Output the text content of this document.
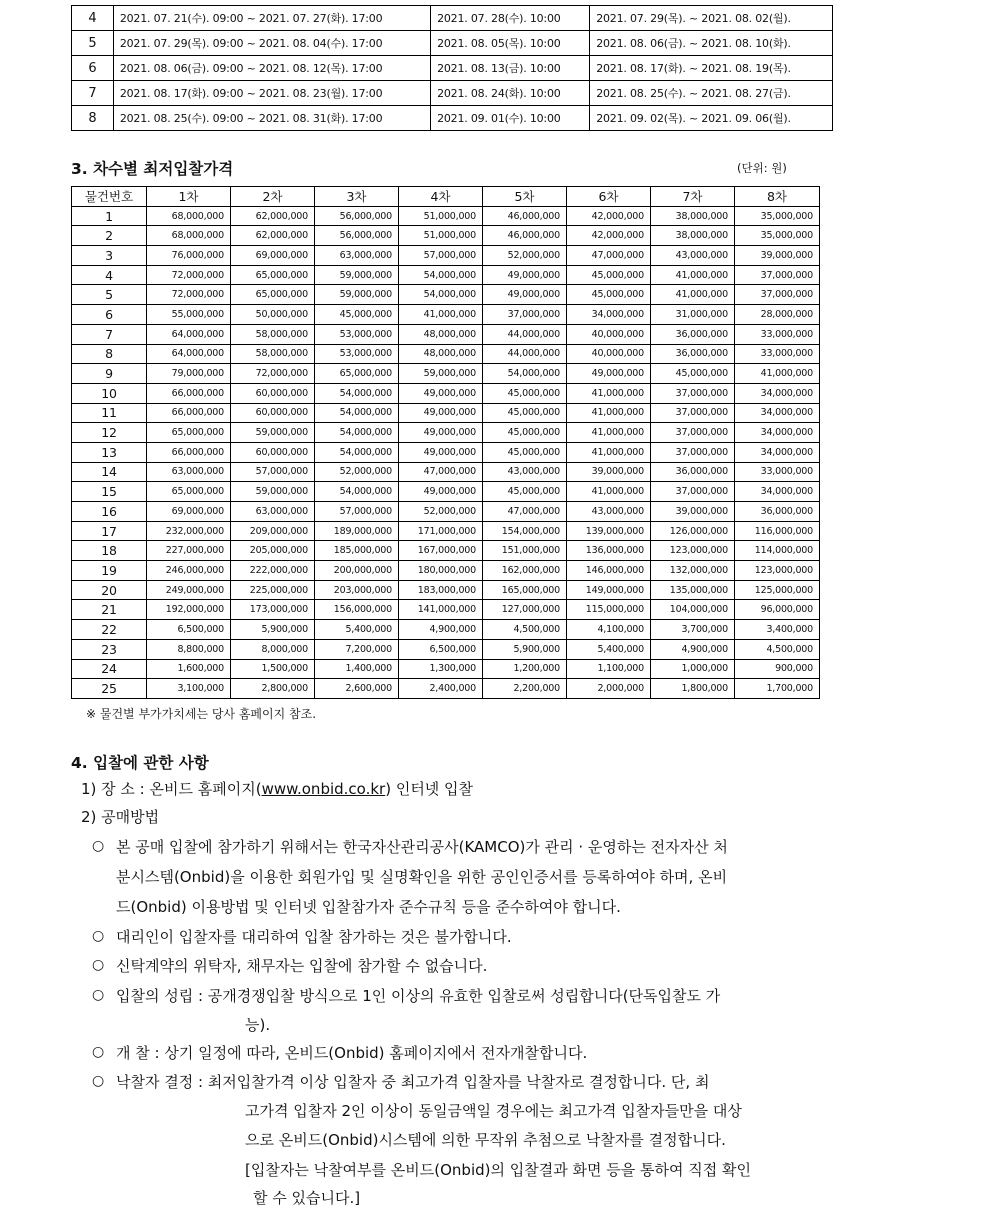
4	2021. 07. 21(수). 09:00 ~ 2021. 07. 27(화). 17:00	2021. 07. 28(수). 10:00	2021. 07. 29(목). ~ 2021. 08. 02(월).
5	2021. 07. 29(목). 09:00 ~ 2021. 08. 04(수). 17:00	2021. 08. 05(목). 10:00	2021. 08. 06(금). ~ 2021. 08. 10(화).
6	2021. 08. 06(금). 09:00 ~ 2021. 08. 12(목). 17:00	2021. 08. 13(금). 10:00	2021. 08. 17(화). ~ 2021. 08. 19(목).
7	2021. 08. 17(화). 09:00 ~ 2021. 08. 23(월). 17:00	2021. 08. 24(화). 10:00	2021. 08. 25(수). ~ 2021. 08. 27(금).
8	2021. 08. 25(수). 09:00 ~ 2021. 08. 31(화). 17:00	2021. 09. 01(수). 10:00	2021. 09. 02(목). ~ 2021. 09. 06(월).
3. 차수별 최저입찰가격	(단위: 원)
물건번호	1차	2차	3차	4차	5차	6차	7차	8차
1	68,000,000	62,000,000	56,000,000	51,000,000	46,000,000	42,000,000	38,000,000	35,000,000
2	68,000,000	62,000,000	56,000,000	51,000,000	46,000,000	42,000,000	38,000,000	35,000,000
3	76,000,000	69,000,000	63,000,000	57,000,000	52,000,000	47,000,000	43,000,000	39,000,000
4	72,000,000	65,000,000	59,000,000	54,000,000	49,000,000	45,000,000	41,000,000	37,000,000
5	72,000,000	65,000,000	59,000,000	54,000,000	49,000,000	45,000,000	41,000,000	37,000,000
6	55,000,000	50,000,000	45,000,000	41,000,000	37,000,000	34,000,000	31,000,000	28,000,000
7	64,000,000	58,000,000	53,000,000	48,000,000	44,000,000	40,000,000	36,000,000	33,000,000
8	64,000,000	58,000,000	53,000,000	48,000,000	44,000,000	40,000,000	36,000,000	33,000,000
9	79,000,000	72,000,000	65,000,000	59,000,000	54,000,000	49,000,000	45,000,000	41,000,000
10	66,000,000	60,000,000	54,000,000	49,000,000	45,000,000	41,000,000	37,000,000	34,000,000
11	66,000,000	60,000,000	54,000,000	49,000,000	45,000,000	41,000,000	37,000,000	34,000,000
12	65,000,000	59,000,000	54,000,000	49,000,000	45,000,000	41,000,000	37,000,000	34,000,000
13	66,000,000	60,000,000	54,000,000	49,000,000	45,000,000	41,000,000	37,000,000	34,000,000
14	63,000,000	57,000,000	52,000,000	47,000,000	43,000,000	39,000,000	36,000,000	33,000,000
15	65,000,000	59,000,000	54,000,000	49,000,000	45,000,000	41,000,000	37,000,000	34,000,000
16	69,000,000	63,000,000	57,000,000	52,000,000	47,000,000	43,000,000	39,000,000	36,000,000
17	232,000,000	209,000,000	189,000,000	171,000,000	154,000,000	139,000,000	126,000,000	116,000,000
18	227,000,000	205,000,000	185,000,000	167,000,000	151,000,000	136,000,000	123,000,000	114,000,000
19	246,000,000	222,000,000	200,000,000	180,000,000	162,000,000	146,000,000	132,000,000	123,000,000
20	249,000,000	225,000,000	203,000,000	183,000,000	165,000,000	149,000,000	135,000,000	125,000,000
21	192,000,000	173,000,000	156,000,000	141,000,000	127,000,000	115,000,000	104,000,000	96,000,000
22	6,500,000	5,900,000	5,400,000	4,900,000	4,500,000	4,100,000	3,700,000	3,400,000
23	8,800,000	8,000,000	7,200,000	6,500,000	5,900,000	5,400,000	4,900,000	4,500,000
24	1,600,000	1,500,000	1,400,000	1,300,000	1,200,000	1,100,000	1,000,000	900,000
25	3,100,000	2,800,000	2,600,000	2,400,000	2,200,000	2,000,000	1,800,000	1,700,000
※ 물건별 부가가치세는 당사 홈페이지 참조.
4. 입찰에 관한 사항
1) 장 소 : 온비드 홈페이지(www.onbid.co.kr) 인터넷 입찰
2) 공매방법
○ 본 공매 입찰에 참가하기 위해서는 한국자산관리공사(KAMCO)가 관리 · 운영하는 전자자산 처
분시스템(Onbid)을 이용한 회원가입 및 실명확인을 위한 공인인증서를 등록하여야 하며, 온비
드(Onbid) 이용방법 및 인터넷 입찰참가자 준수규칙 등을 준수하여야 합니다.
○ 대리인이 입찰자를 대리하여 입찰 참가하는 것은 불가합니다.
○ 신탁계약의 위탁자, 채무자는 입찰에 참가할 수 없습니다.
○ 입찰의 성립 : 공개경쟁입찰 방식으로 1인 이상의 유효한 입찰로써 성립합니다(단독입찰도 가
능).
○ 개 찰 : 상기 일정에 따라, 온비드(Onbid) 홈페이지에서 전자개찰합니다.
○ 낙찰자 결정 : 최저입찰가격 이상 입찰자 중 최고가격 입찰자를 낙찰자로 결정합니다. 단, 최
고가격 입찰자 2인 이상이 동일금액일 경우에는 최고가격 입찰자들만을 대상
으로 온비드(Onbid)시스템에 의한 무작위 추첨으로 낙찰자를 결정합니다.
[입찰자는 낙찰여부를 온비드(Onbid)의 입찰결과 화면 등을 통하여 직접 확인
할 수 있습니다.]
